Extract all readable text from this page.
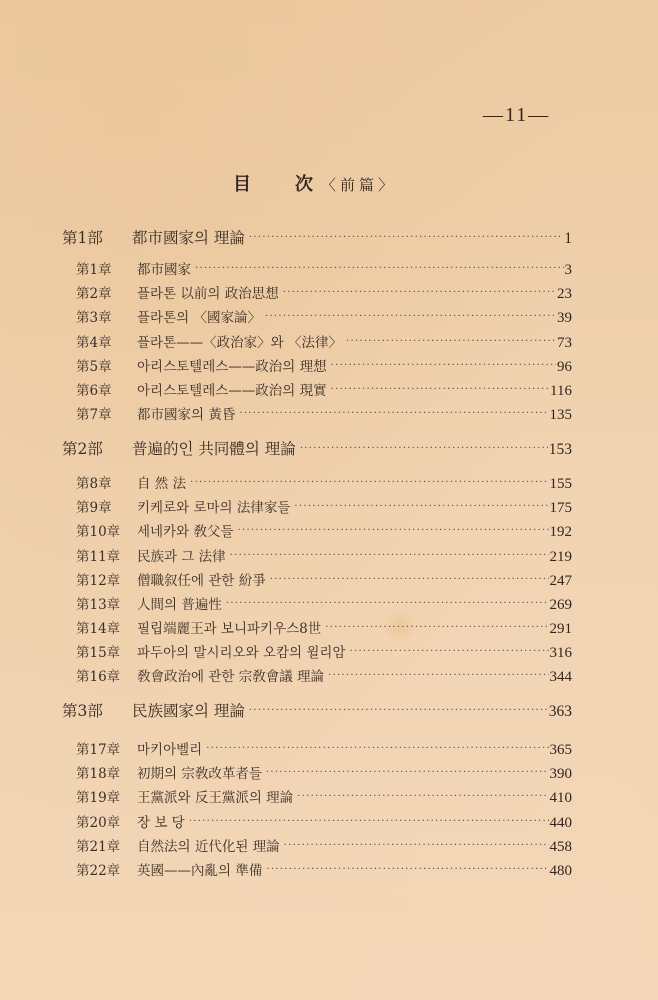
—11—
目 次 〈前篇〉
第1部	都市國家의 理論 ·····	1
第1章	都市國家 ·····	3
第2章	플라톤 以前의 政治思想 ·····	23
第3章	플라톤의 〈國家論〉 ·····	39
第4章	플라톤——〈政治家〉와 〈法律〉 ·····	73
第5章	아리스토텔레스——政治의 理想 ·····	96
第6章	아리스토텔레스——政治의 現實 ·····	116
第7章	都市國家의 黃昏 ·····	135
第2部	普遍的인 共同體의 理論 ·····	153
第8章	自 然 法 ·····	155
第9章	키케로와 로마의 法律家들 ·····	175
第10章	세네카와 敎父들 ·····	192
第11章	民族과 그 法律 ·····	219
第12章	僧職叙任에 관한 紛爭 ·····	247
第13章	人間의 普遍性 ·····	269
第14章	필립端麗王과 보니파키우스8世 ·····	291
第15章	파두아의 말시리오와 오캄의 윌리암 ·····	316
第16章	敎會政治에 관한 宗敎會議 理論 ·····	344
第3部	民族國家의 理論 ·····	363
第17章	마키아벨리 ·····	365
第18章	初期의 宗敎改革者들 ·····	390
第19章	王黨派와 反王黨派의 理論 ·····	410
第20章	장 보 당 ·····	440
第21章	自然法의 近代化된 理論 ·····	458
第22章	英國——內亂의 準備 ·····	480
